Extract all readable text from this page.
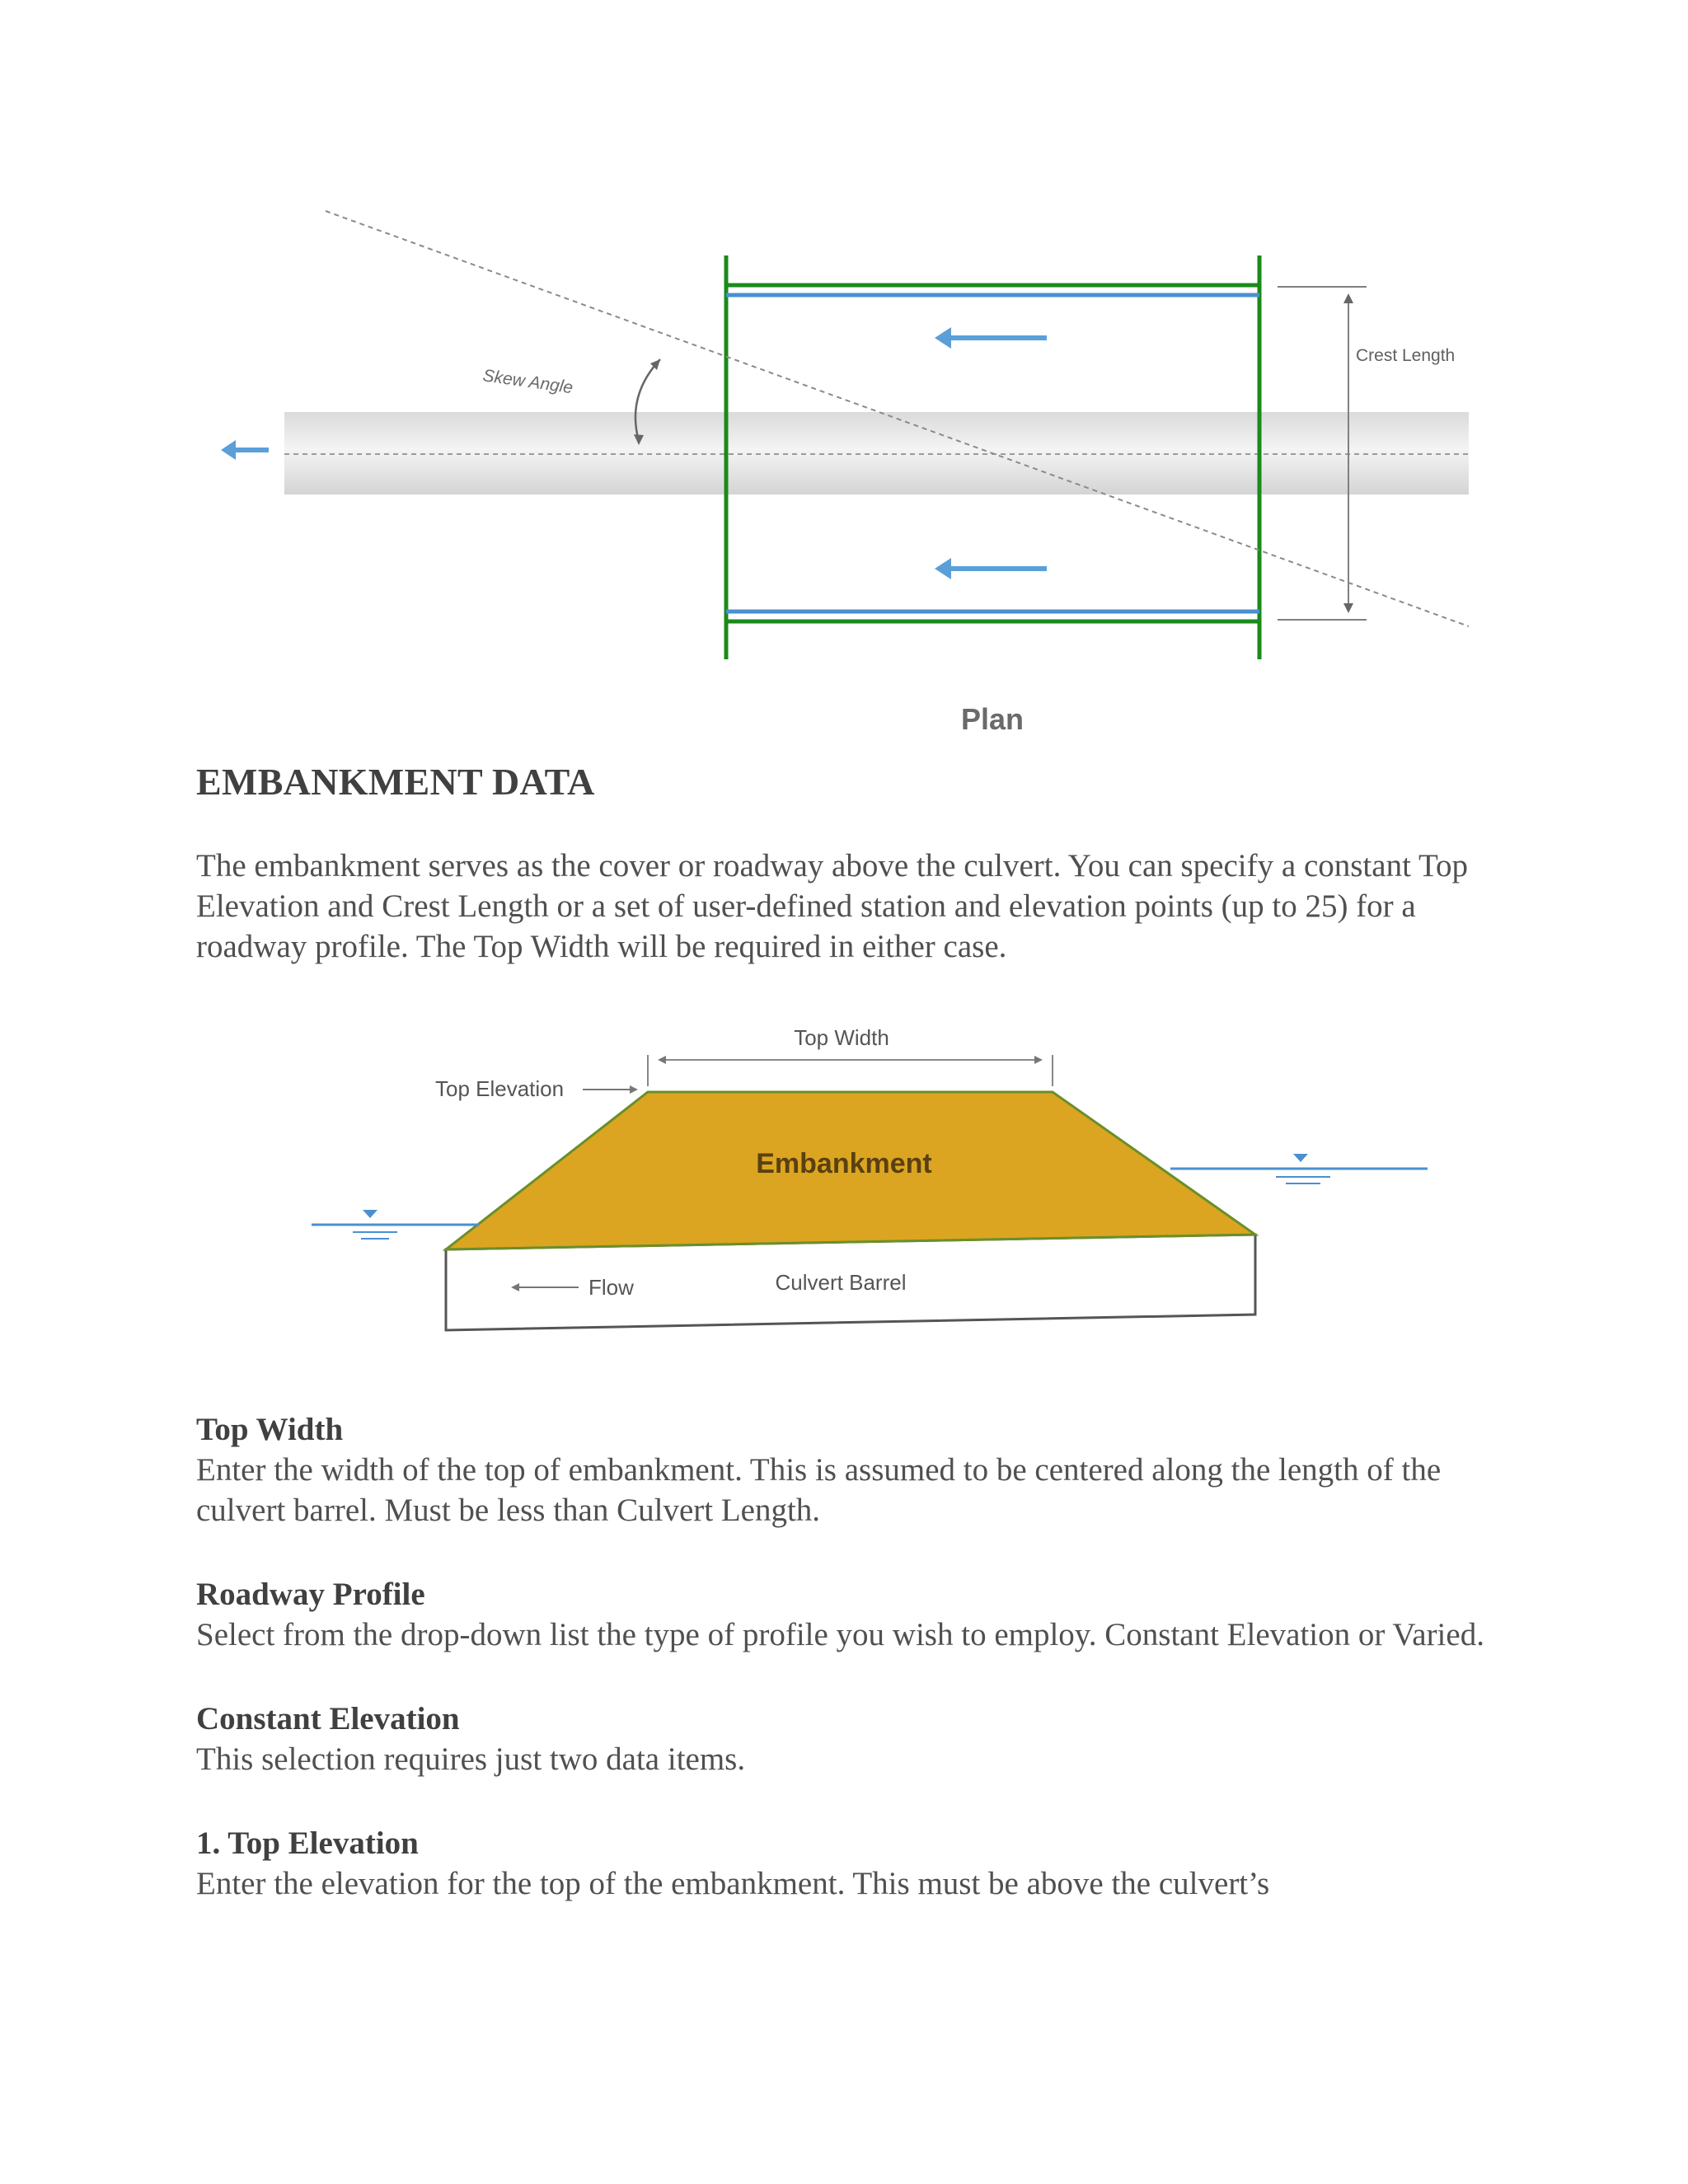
Skew Angle
Crest Length
Plan
EMBANKMENT DATA

The embankment serves as the cover or roadway above the culvert. You can specify a constant Top Elevation and Crest Length or a set of user-defined station and elevation points (up to 25) for a roadway profile. The Top Width will be required in either case.

Top Width
Top Elevation
Embankment
Flow	Culvert Barrel

Top Width

Enter the width of the top of embankment. This is assumed to be centered along the length of the culvert barrel. Must be less than Culvert Length.

Roadway Profile

Select from the drop-down list the type of profile you wish to employ. Constant Elevation or Varied.

Constant Elevation

This selection requires just two data items.

1. Top Elevation

Enter the elevation for the top of the embankment. This must be above the culvert’s
